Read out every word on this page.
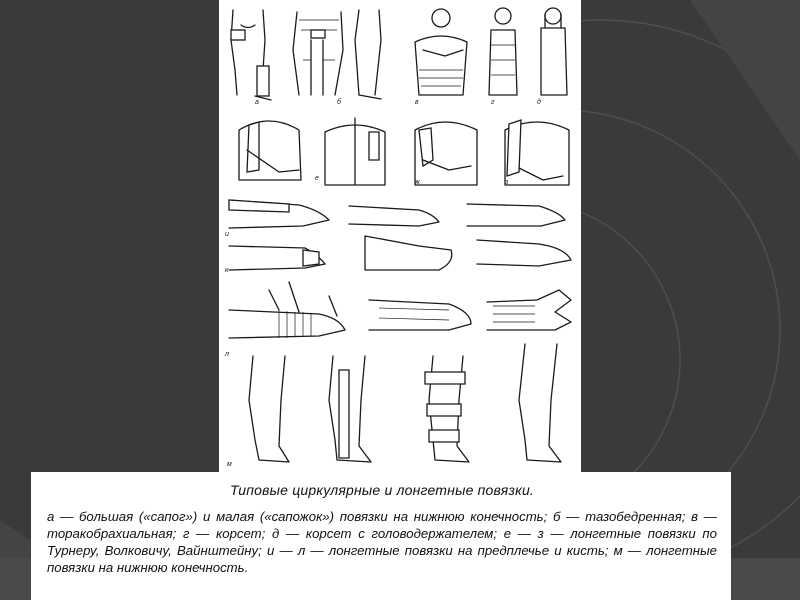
а	б	в	г	д
е
ж	з
и
к
л
м
Типовые циркулярные и лонгетные повязки.

а — большая («сапог») и малая («сапожок») повязки на нижнюю конечность; б — тазобедренная; в — торакобрахиальная; г — корсет; д — корсет с головодержателем; е — з — лонгетные повязки по Турнеру, Волковичу, Вайнштейну; и — л — лонгетные повязки на предплечье и кисть; м — лонгетные повязки на нижнюю конечность.
